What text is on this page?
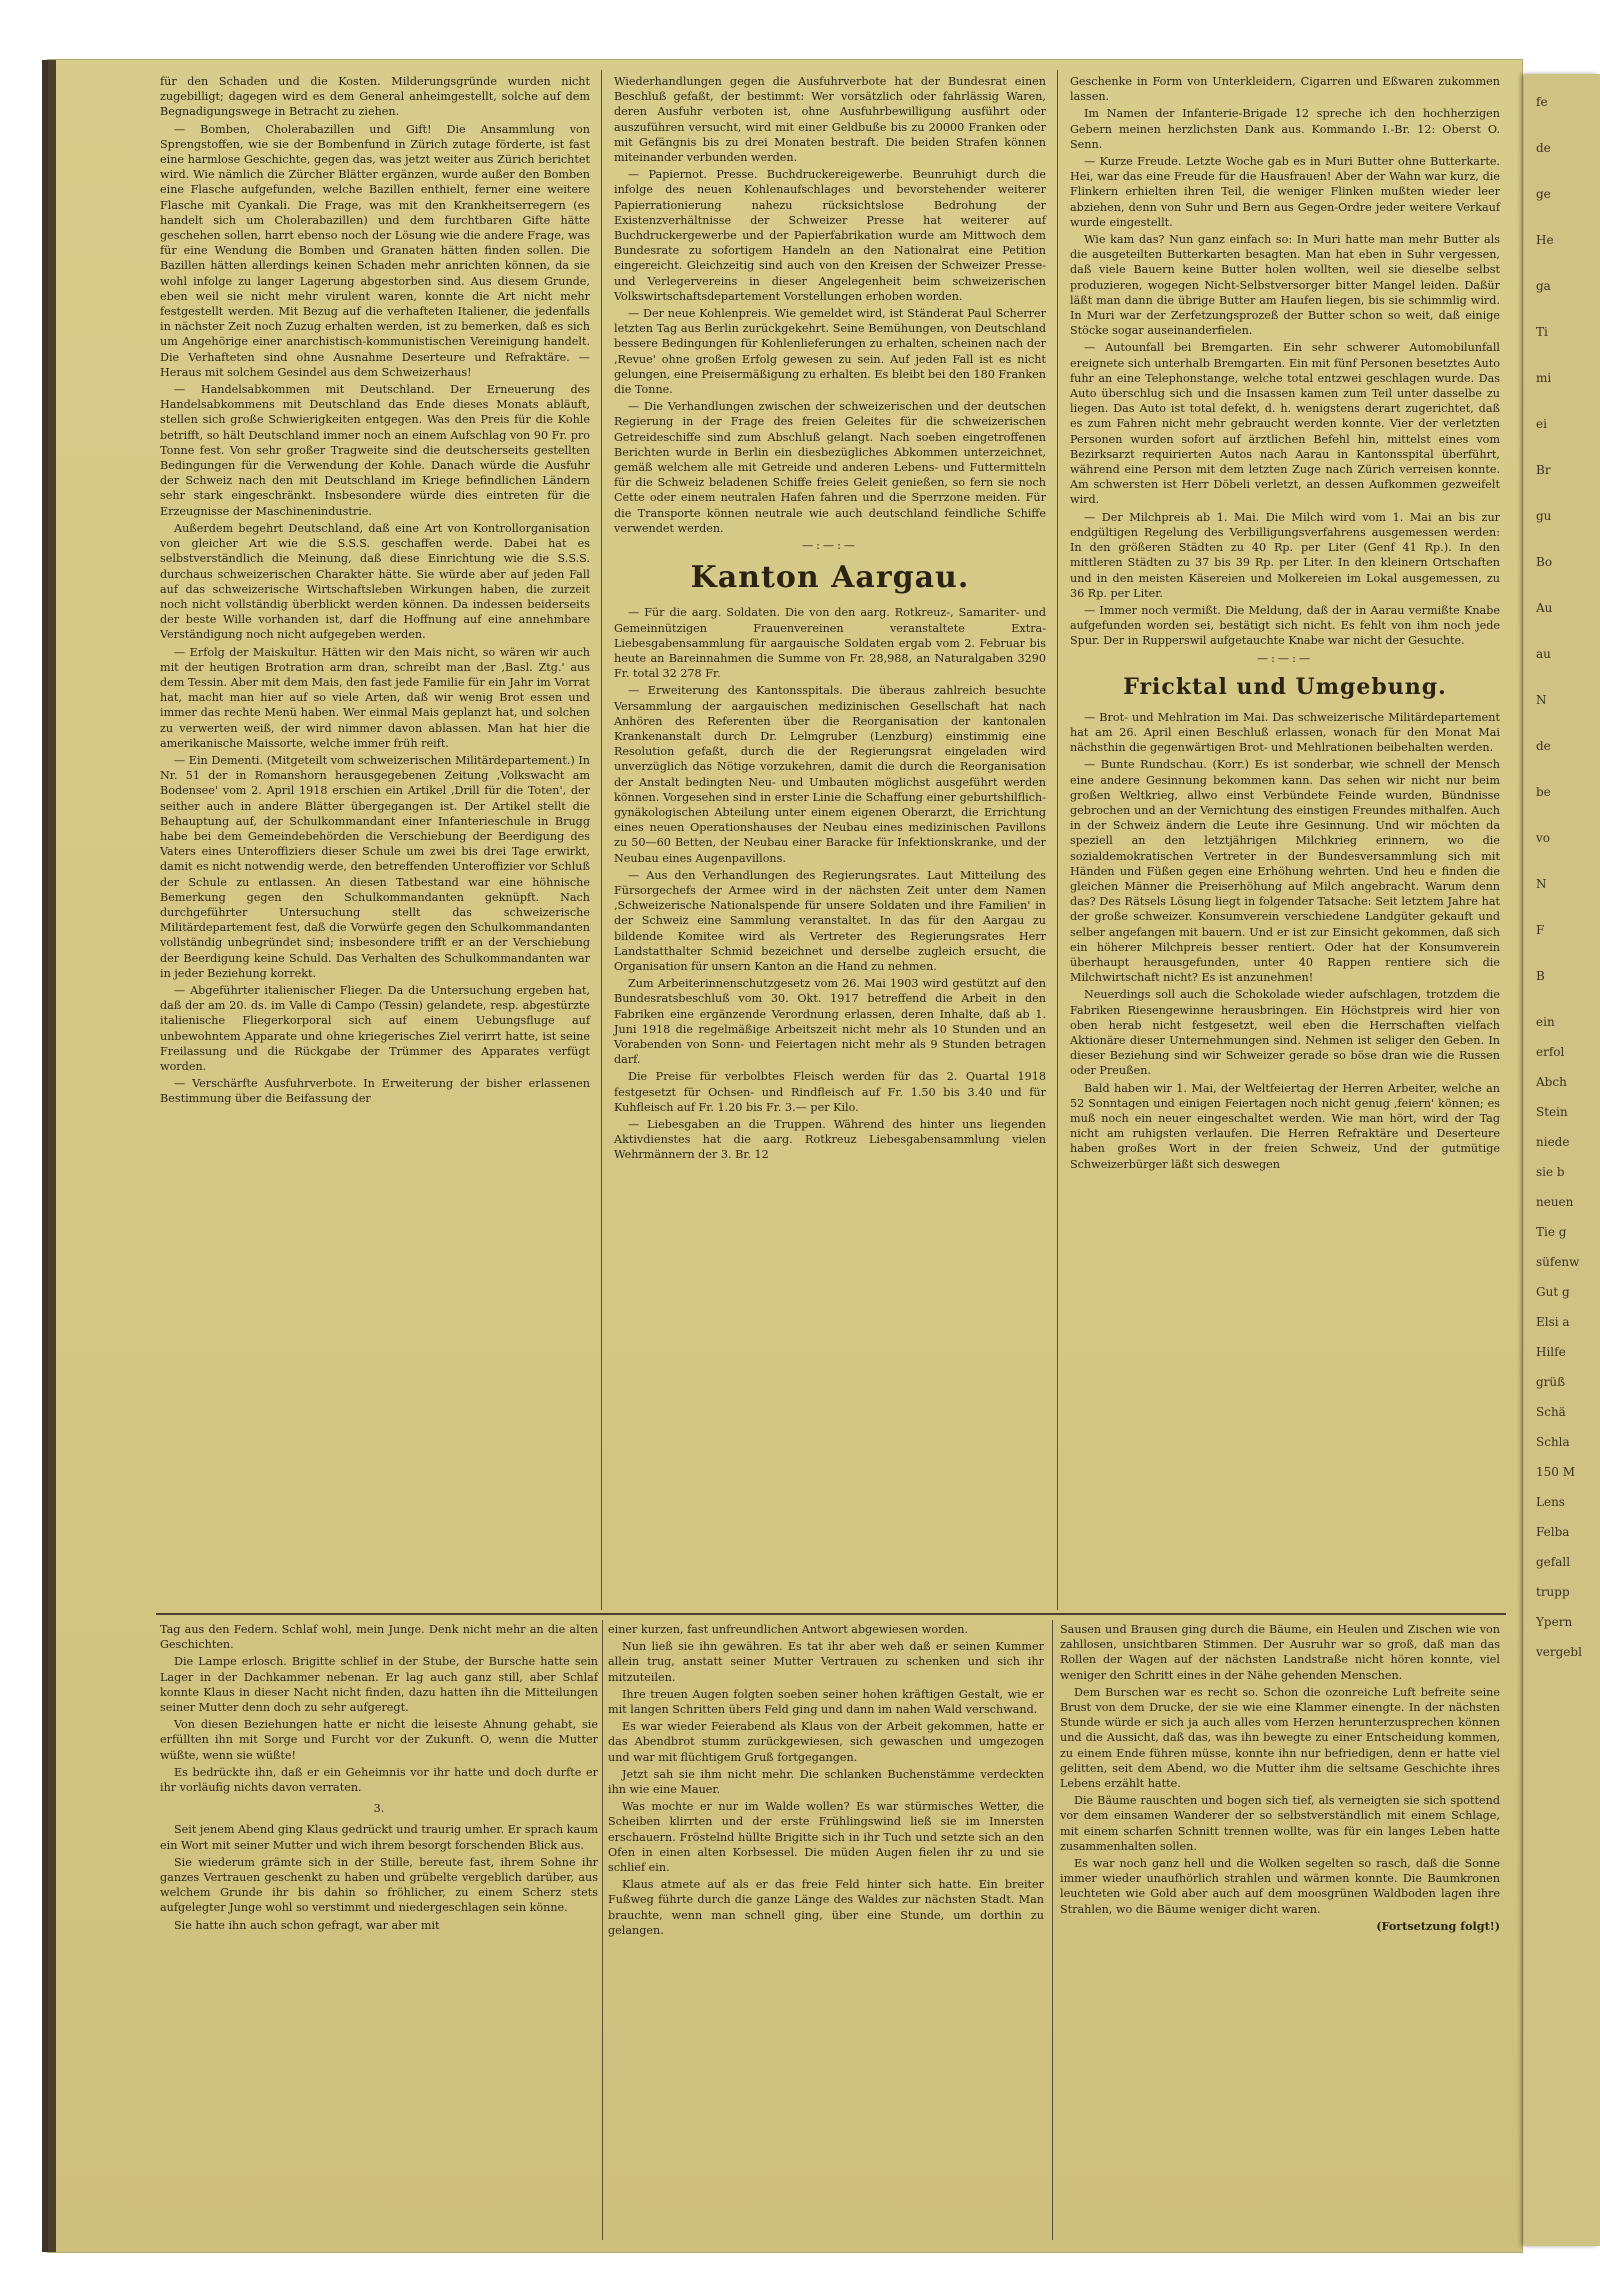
für den Schaden und die Kosten. Milderungsgründe wurden nicht zugebilligt; dagegen wird es dem General anheimgestellt, solche auf dem Begnadigungswege in Betracht zu ziehen.

— Bomben, Cholerabazillen und Gift! Die Ansammlung von Sprengstoffen, wie sie der Bombenfund in Zürich zutage förderte, ist fast eine harmlose Geschichte, gegen das, was jetzt weiter aus Zürich berichtet wird. Wie nämlich die Zürcher Blätter ergänzen, wurde außer den Bomben eine Flasche aufgefunden, welche Bazillen enthielt, ferner eine weitere Flasche mit Cyankali. Die Frage, was mit den Krankheitserregern (es handelt sich um Cholerabazillen) und dem furchtbaren Gifte hätte geschehen sollen, harrt ebenso noch der Lösung wie die andere Frage, was für eine Wendung die Bomben und Granaten hätten finden sollen. Die Bazillen hätten allerdings keinen Schaden mehr anrichten können, da sie wohl infolge zu langer Lagerung abgestorben sind. Aus diesem Grunde, eben weil sie nicht mehr virulent waren, konnte die Art nicht mehr festgestellt werden. Mit Bezug auf die verhafteten Italiener, die jedenfalls in nächster Zeit noch Zuzug erhalten werden, ist zu bemerken, daß es sich um Angehörige einer anarchistisch-kommunistischen Vereinigung handelt. Die Verhafteten sind ohne Ausnahme Deserteure und Refraktäre. — Heraus mit solchem Gesindel aus dem Schweizerhaus!

— Handelsabkommen mit Deutschland. Der Erneuerung des Handelsabkommens mit Deutschland das Ende dieses Monats abläuft, stellen sich große Schwierigkeiten entgegen. Was den Preis für die Kohle betrifft, so hält Deutschland immer noch an einem Aufschlag von 90 Fr. pro Tonne fest. Von sehr großer Tragweite sind die deutscherseits gestellten Bedingungen für die Verwendung der Kohle. Danach würde die Ausfuhr der Schweiz nach den mit Deutschland im Kriege befindlichen Ländern sehr stark eingeschränkt. Insbesondere würde dies eintreten für die Erzeugnisse der Maschinenindustrie.

Außerdem begehrt Deutschland, daß eine Art von Kontrollorganisation von gleicher Art wie die S.S.S. geschaffen werde. Dabei hat es selbstverständlich die Meinung, daß diese Einrichtung wie die S.S.S. durchaus schweizerischen Charakter hätte. Sie würde aber auf jeden Fall auf das schweizerische Wirtschaftsleben Wirkungen haben, die zurzeit noch nicht vollständig überblickt werden können. Da indessen beiderseits der beste Wille vorhanden ist, darf die Hoffnung auf eine annehmbare Verständigung noch nicht aufgegeben werden.

— Erfolg der Maiskultur. Hätten wir den Mais nicht, so wären wir auch mit der heutigen Brotration arm dran, schreibt man der ‚Basl. Ztg.' aus dem Tessin. Aber mit dem Mais, den fast jede Familie für ein Jahr im Vorrat hat, macht man hier auf so viele Arten, daß wir wenig Brot essen und immer das rechte Menü haben. Wer einmal Mais geplanzt hat, und solchen zu verwerten weiß, der wird nimmer davon ablassen. Man hat hier die amerikanische Maissorte, welche immer früh reift.

— Ein Dementi. (Mitgeteilt vom schweizerischen Militärdepartement.) In Nr. 51 der in Romanshorn herausgegebenen Zeitung ‚Volkswacht am Bodensee' vom 2. April 1918 erschien ein Artikel ‚Drill für die Toten', der seither auch in andere Blätter übergegangen ist. Der Artikel stellt die Behauptung auf, der Schulkommandant einer Infanterieschule in Brugg habe bei dem Gemeindebehörden die Verschiebung der Beerdigung des Vaters eines Unteroffiziers dieser Schule um zwei bis drei Tage erwirkt, damit es nicht notwendig werde, den betreffenden Unteroffizier vor Schluß der Schule zu entlassen. An diesen Tatbestand war eine höhnische Bemerkung gegen den Schulkommandanten geknüpft. Nach durchgeführter Untersuchung stellt das schweizerische Militärdepartement fest, daß die Vorwürfe gegen den Schulkommandanten vollständig unbegründet sind; insbesondere trifft er an der Verschiebung der Beerdigung keine Schuld. Das Verhalten des Schulkommandanten war in jeder Beziehung korrekt.

— Abgeführter italienischer Flieger. Da die Untersuchung ergeben hat, daß der am 20. ds. im Valle di Campo (Tessin) gelandete, resp. abgestürzte italienische Fliegerkorporal sich auf einem Uebungsfluge auf unbewohntem Apparate und ohne kriegerisches Ziel verirrt hatte, ist seine Freilassung und die Rückgabe der Trümmer des Apparates verfügt worden.

— Verschärfte Ausfuhrverbote. In Erweiterung der bisher erlassenen Bestimmung über die Beifassung der

Wiederhandlungen gegen die Ausfuhrverbote hat der Bundesrat einen Beschluß gefaßt, der bestimmt: Wer vorsätzlich oder fahrlässig Waren, deren Ausfuhr verboten ist, ohne Ausfuhrbewilligung ausführt oder auszuführen versucht, wird mit einer Geldbuße bis zu 20000 Franken oder mit Gefängnis bis zu drei Monaten bestraft. Die beiden Strafen können miteinander verbunden werden.

— Papiernot. Presse. Buchdruckereigewerbe. Beunruhigt durch die infolge des neuen Kohlenaufschlages und bevorstehender weiterer Papierrationierung nahezu rücksichtslose Bedrohung der Existenzverhältnisse der Schweizer Presse hat weiterer auf Buchdruckergewerbe und der Papierfabrikation wurde am Mittwoch dem Bundesrate zu sofortigem Handeln an den Nationalrat eine Petition eingereicht. Gleichzeitig sind auch von den Kreisen der Schweizer Presse- und Verlegervereins in dieser Angelegenheit beim schweizerischen Volkswirtschaftsdepartement Vorstellungen erhoben worden.

— Der neue Kohlenpreis. Wie gemeldet wird, ist Ständerat Paul Scherrer letzten Tag aus Berlin zurückgekehrt. Seine Bemühungen, von Deutschland bessere Bedingungen für Kohlenlieferungen zu erhalten, scheinen nach der ‚Revue' ohne großen Erfolg gewesen zu sein. Auf jeden Fall ist es nicht gelungen, eine Preisermäßigung zu erhalten. Es bleibt bei den 180 Franken die Tonne.

— Die Verhandlungen zwischen der schweizerischen und der deutschen Regierung in der Frage des freien Geleites für die schweizerischen Getreideschiffe sind zum Abschluß gelangt. Nach soeben eingetroffenen Berichten wurde in Berlin ein diesbezügliches Abkommen unterzeichnet, gemäß welchem alle mit Getreide und anderen Lebens- und Futtermitteln für die Schweiz beladenen Schiffe freies Geleit genießen, so fern sie noch Cette oder einem neutralen Hafen fahren und die Sperrzone meiden. Für die Transporte können neutrale wie auch deutschland feindliche Schiffe verwendet werden.

—:—:—
Kanton Aargau.

— Für die aarg. Soldaten. Die von den aarg. Rotkreuz-, Samariter- und Gemeinnützigen Frauenvereinen veranstaltete Extra-Liebesgabensammlung für aargauische Soldaten ergab vom 2. Februar bis heute an Bareinnahmen die Summe von Fr. 28,988, an Naturalgaben 3290 Fr. total 32 278 Fr.

— Erweiterung des Kantonsspitals. Die überaus zahlreich besuchte Versammlung der aargauischen medizinischen Gesellschaft hat nach Anhören des Referenten über die Reorganisation der kantonalen Krankenanstalt durch Dr. Lelmgruber (Lenzburg) einstimmig eine Resolution gefaßt, durch die der Regierungsrat eingeladen wird unverzüglich das Nötige vorzukehren, damit die durch die Reorganisation der Anstalt bedingten Neu- und Umbauten möglichst ausgeführt werden können. Vorgesehen sind in erster Linie die Schaffung einer geburtshilflich-gynäkologischen Abteilung unter einem eigenen Oberarzt, die Errichtung eines neuen Operationshauses der Neubau eines medizinischen Pavillons zu 50—60 Betten, der Neubau einer Baracke für Infektionskranke, und der Neubau eines Augenpavillons.

— Aus den Verhandlungen des Regierungsrates. Laut Mitteilung des Fürsorgechefs der Armee wird in der nächsten Zeit unter dem Namen ‚Schweizerische Nationalspende für unsere Soldaten und ihre Familien' in der Schweiz eine Sammlung veranstaltet. In das für den Aargau zu bildende Komitee wird als Vertreter des Regierungsrates Herr Landstatthalter Schmid bezeichnet und derselbe zugleich ersucht, die Organisation für unsern Kanton an die Hand zu nehmen.

Zum Arbeiterinnenschutzgesetz vom 26. Mai 1903 wird gestützt auf den Bundesratsbeschluß vom 30. Okt. 1917 betreffend die Arbeit in den Fabriken eine ergänzende Verordnung erlassen, deren Inhalte, daß ab 1. Juni 1918 die regelmäßige Arbeitszeit nicht mehr als 10 Stunden und an Vorabenden von Sonn- und Feiertagen nicht mehr als 9 Stunden betragen darf.

Die Preise für verbolbtes Fleisch werden für das 2. Quartal 1918 festgesetzt für Ochsen- und Rindfleisch auf Fr. 1.50 bis 3.40 und für Kuhfleisch auf Fr. 1.20 bis Fr. 3.— per Kilo.

— Liebesgaben an die Truppen. Während des hinter uns liegenden Aktivdienstes hat die aarg. Rotkreuz Liebesgabensammlung vielen Wehrmännern der 3. Br. 12

Geschenke in Form von Unterkleidern, Cigarren und Eßwaren zukommen lassen.

Im Namen der Infanterie-Brigade 12 spreche ich den hochherzigen Gebern meinen herzlichsten Dank aus. Kommando I.-Br. 12: Oberst O. Senn.

— Kurze Freude. Letzte Woche gab es in Muri Butter ohne Butterkarte. Hei, war das eine Freude für die Hausfrauen! Aber der Wahn war kurz, die Flinkern erhielten ihren Teil, die weniger Flinken mußten wieder leer abziehen, denn von Suhr und Bern aus Gegen-Ordre jeder weitere Verkauf wurde eingestellt.

Wie kam das? Nun ganz einfach so: In Muri hatte man mehr Butter als die ausgeteilten Butterkarten besagten. Man hat eben in Suhr vergessen, daß viele Bauern keine Butter holen wollten, weil sie dieselbe selbst produzieren, wogegen Nicht-Selbstversorger bitter Mangel leiden. Daßür läßt man dann die übrige Butter am Haufen liegen, bis sie schimmlig wird. In Muri war der Zerfetzungsprozeß der Butter schon so weit, daß einige Stöcke sogar auseinanderfielen.

— Autounfall bei Bremgarten. Ein sehr schwerer Automobilunfall ereignete sich unterhalb Bremgarten. Ein mit fünf Personen besetztes Auto fuhr an eine Telephonstange, welche total entzwei geschlagen wurde. Das Auto überschlug sich und die Insassen kamen zum Teil unter dasselbe zu liegen. Das Auto ist total defekt, d. h. wenigstens derart zugerichtet, daß es zum Fahren nicht mehr gebraucht werden konnte. Vier der verletzten Personen wurden sofort auf ärztlichen Befehl hin, mittelst eines vom Bezirksarzt requirierten Autos nach Aarau in Kantonsspital überführt, während eine Person mit dem letzten Zuge nach Zürich verreisen konnte. Am schwersten ist Herr Döbeli verletzt, an dessen Aufkommen gezweifelt wird.

— Der Milchpreis ab 1. Mai. Die Milch wird vom 1. Mai an bis zur endgültigen Regelung des Verbilligungsverfahrens ausgemessen werden: In den größeren Städten zu 40 Rp. per Liter (Genf 41 Rp.). In den mittleren Städten zu 37 bis 39 Rp. per Liter. In den kleinern Ortschaften und in den meisten Käsereien und Molkereien im Lokal ausgemessen, zu 36 Rp. per Liter.

— Immer noch vermißt. Die Meldung, daß der in Aarau vermißte Knabe aufgefunden worden sei, bestätigt sich nicht. Es fehlt von ihm noch jede Spur. Der in Rupperswil aufgetauchte Knabe war nicht der Gesuchte.

—:—:—
Fricktal und Umgebung.

— Brot- und Mehlration im Mai. Das schweizerische Militärdepartement hat am 26. April einen Beschluß erlassen, wonach für den Monat Mai nächsthin die gegenwärtigen Brot- und Mehlrationen beibehalten werden.

— Bunte Rundschau. (Korr.) Es ist sonderbar, wie schnell der Mensch eine andere Gesinnung bekommen kann. Das sehen wir nicht nur beim großen Weltkrieg, allwo einst Verbündete Feinde wurden, Bündnisse gebrochen und an der Vernichtung des einstigen Freundes mithalfen. Auch in der Schweiz ändern die Leute ihre Gesinnung. Und wir möchten da speziell an den letztjährigen Milchkrieg erinnern, wo die sozialdemokratischen Vertreter in der Bundesversammlung sich mit Händen und Füßen gegen eine Erhöhung wehrten. Und heu e finden die gleichen Männer die Preiserhöhung auf Milch angebracht. Warum denn das? Des Rätsels Lösung liegt in folgender Tatsache: Seit letztem Jahre hat der große schweizer. Konsumverein verschiedene Landgüter gekauft und selber angefangen mit bauern. Und er ist zur Einsicht gekommen, daß sich ein höherer Milchpreis besser rentiert. Oder hat der Konsumverein überhaupt herausgefunden, unter 40 Rappen rentiere sich die Milchwirtschaft nicht? Es ist anzunehmen!

Neuerdings soll auch die Schokolade wieder aufschlagen, trotzdem die Fabriken Riesengewinne herausbringen. Ein Höchstpreis wird hier von oben herab nicht festgesetzt, weil eben die Herrschaften vielfach Aktionäre dieser Unternehmungen sind. Nehmen ist seliger den Geben. In dieser Beziehung sind wir Schweizer gerade so böse dran wie die Russen oder Preußen.

Bald haben wir 1. Mai, der Weltfeiertag der Herren Arbeiter, welche an 52 Sonntagen und einigen Feiertagen noch nicht genug ‚feiern' können; es muß noch ein neuer eingeschaltet werden. Wie man hört, wird der Tag nicht am ruhigsten verlaufen. Die Herren Refraktäre und Deserteure haben großes Wort in der freien Schweiz, Und der gutmütige Schweizerbürger läßt sich deswegen

Tag aus den Federn. Schlaf wohl, mein Junge. Denk nicht mehr an die alten Geschichten.

Die Lampe erlosch. Brigitte schlief in der Stube, der Bursche hatte sein Lager in der Dachkammer nebenan. Er lag auch ganz still, aber Schlaf konnte Klaus in dieser Nacht nicht finden, dazu hatten ihn die Mitteilungen seiner Mutter denn doch zu sehr aufgeregt.

Von diesen Beziehungen hatte er nicht die leiseste Ahnung gehabt, sie erfüllten ihn mit Sorge und Furcht vor der Zukunft. O, wenn die Mutter wüßte, wenn sie wüßte!

Es bedrückte ihn, daß er ein Geheimnis vor ihr hatte und doch durfte er ihr vorläufig nichts davon verraten.

3.

Seit jenem Abend ging Klaus gedrückt und traurig umher. Er sprach kaum ein Wort mit seiner Mutter und wich ihrem besorgt forschenden Blick aus.

Sie wiederum grämte sich in der Stille, bereute fast, ihrem Sohne ihr ganzes Vertrauen geschenkt zu haben und grübelte vergeblich darüber, aus welchem Grunde ihr bis dahin so fröhlicher, zu einem Scherz stets aufgelegter Junge wohl so verstimmt und niedergeschlagen sein könne.

Sie hatte ihn auch schon gefragt, war aber mit

einer kurzen, fast unfreundlichen Antwort abgewiesen worden.

Nun ließ sie ihn gewähren. Es tat ihr aber weh daß er seinen Kummer allein trug, anstatt seiner Mutter Vertrauen zu schenken und sich ihr mitzuteilen.

Ihre treuen Augen folgten soeben seiner hohen kräftigen Gestalt, wie er mit langen Schritten übers Feld ging und dann im nahen Wald verschwand.

Es war wieder Feierabend als Klaus von der Arbeit gekommen, hatte er das Abendbrot stumm zurückgewiesen, sich gewaschen und umgezogen und war mit flüchtigem Gruß fortgegangen.

Jetzt sah sie ihm nicht mehr. Die schlanken Buchenstämme verdeckten ihn wie eine Mauer.

Was mochte er nur im Walde wollen? Es war stürmisches Wetter, die Scheiben klirrten und der erste Frühlingswind ließ sie im Innersten erschauern. Fröstelnd hüllte Brigitte sich in ihr Tuch und setzte sich an den Ofen in einen alten Korbsessel. Die müden Augen fielen ihr zu und sie schlief ein.

Klaus atmete auf als er das freie Feld hinter sich hatte. Ein breiter Fußweg führte durch die ganze Länge des Waldes zur nächsten Stadt. Man brauchte, wenn man schnell ging, über eine Stunde, um dorthin zu gelangen.

Sausen und Brausen ging durch die Bäume, ein Heulen und Zischen wie von zahllosen, unsichtbaren Stimmen. Der Ausruhr war so groß, daß man das Rollen der Wagen auf der nächsten Landstraße nicht hören konnte, viel weniger den Schritt eines in der Nähe gehenden Menschen.

Dem Burschen war es recht so. Schon die ozonreiche Luft befreite seine Brust von dem Drucke, der sie wie eine Klammer einengte. In der nächsten Stunde würde er sich ja auch alles vom Herzen herunterzusprechen können und die Aussicht, daß das, was ihn bewegte zu einer Entscheidung kommen, zu einem Ende führen müsse, konnte ihn nur befriedigen, denn er hatte viel gelitten, seit dem Abend, wo die Mutter ihm die seltsame Geschichte ihres Lebens erzählt hatte.

Die Bäume rauschten und bogen sich tief, als verneigten sie sich spottend vor dem einsamen Wanderer der so selbstverständlich mit einem Schlage, mit einem scharfen Schnitt trennen wollte, was für ein langes Leben hatte zusammenhalten sollen.

Es war noch ganz hell und die Wolken segelten so rasch, daß die Sonne immer wieder unaufhörlich strahlen und wärmen konnte. Die Baumkronen leuchteten wie Gold aber auch auf dem moosgrünen Waldboden lagen ihre Strahlen, wo die Bäume weniger dicht waren.

(Fortsetzung folgt!)
fe
de
ge
He
ga
Ti
mi
ei
Br
gu
Bo
Au
au
N
de
be
vo
N
F
B
ein
erfol
Abch
Stein
niede
sie b
neuen
Tie g
süfenw
Gut g
Elsi a
Hilfe
grüß
Schä
Schla
150 M
Lens
Felba
gefall
trupp
Ypern
vergebl
